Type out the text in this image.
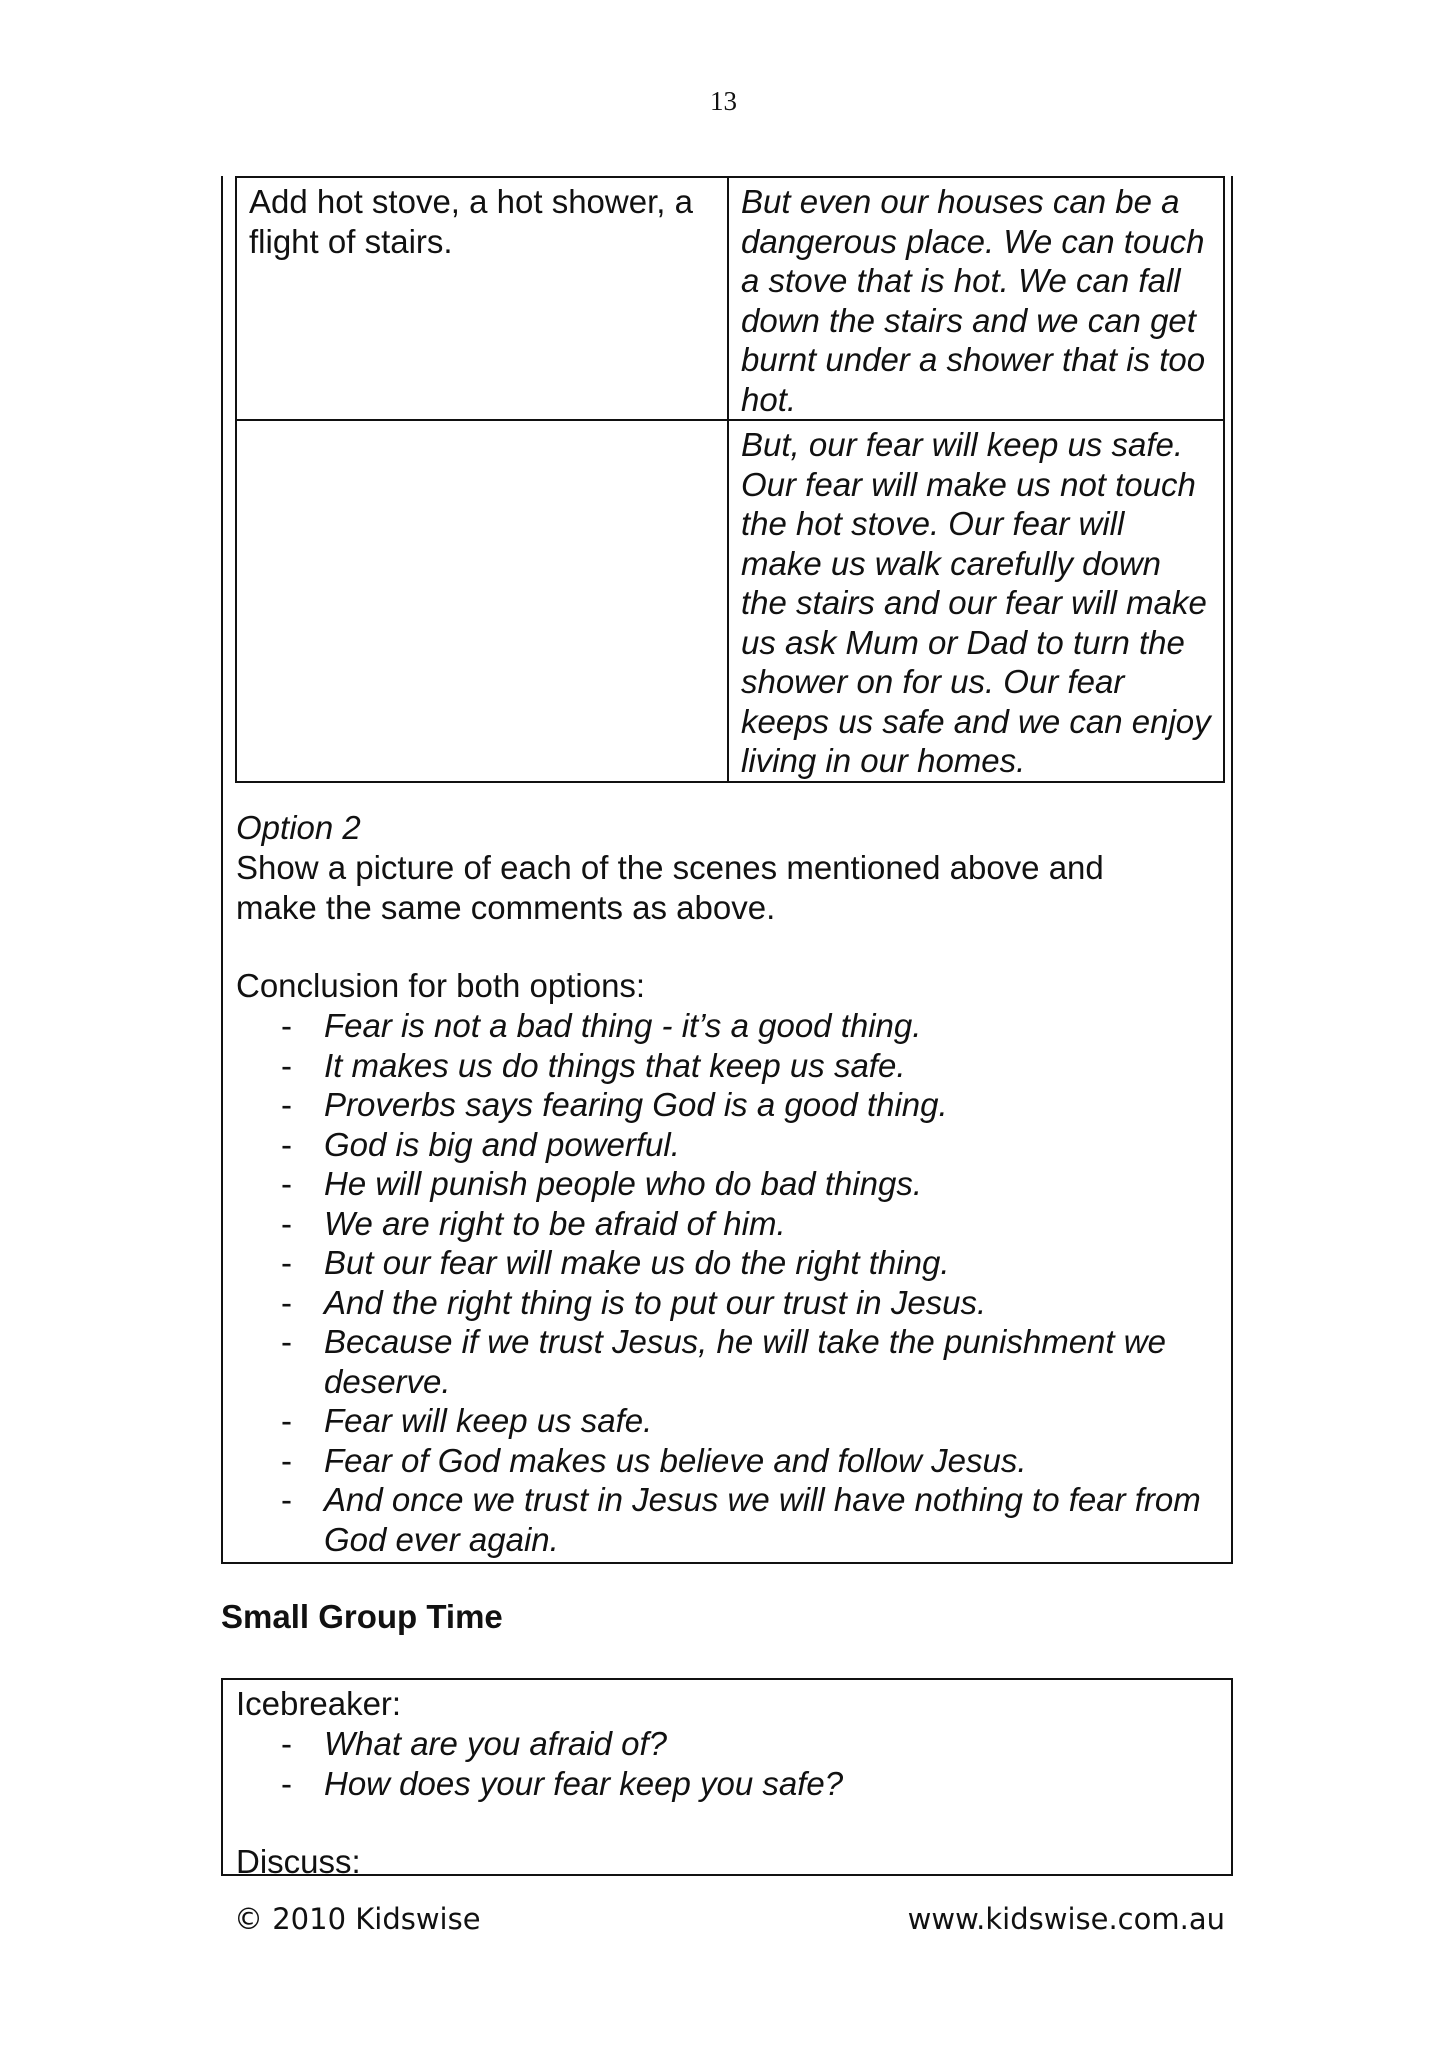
13
Add hot stove, a hot shower, a flight of stairs.	But even our houses can be a dangerous place. We can touch a stove that is hot. We can fall down the stairs and we can get burnt under a shower that is too hot.
	But, our fear will keep us safe. Our fear will make us not touch the hot stove. Our fear will make us walk carefully down the stairs and our fear will make us ask Mum or Dad to turn the shower on for us. Our fear keeps us safe and we can enjoy living in our homes.

Option 2

Show a picture of each of the scenes mentioned above and make the same comments as above.

Conclusion for both options:

- Fear is not a bad thing - it’s a good thing.
- It makes us do things that keep us safe.
- Proverbs says fearing God is a good thing.
- God is big and powerful.
- He will punish people who do bad things.
- We are right to be afraid of him.
- But our fear will make us do the right thing.
- And the right thing is to put our trust in Jesus.
- Because if we trust Jesus, he will take the punishment we deserve.
- Fear will keep us safe.
- Fear of God makes us believe and follow Jesus.
- And once we trust in Jesus we will have nothing to fear from God ever again.
Small Group Time

Icebreaker:

- What are you afraid of?
- How does your fear keep you safe?

Discuss:

© 2010 Kidswise	www.kidswise.com.au
